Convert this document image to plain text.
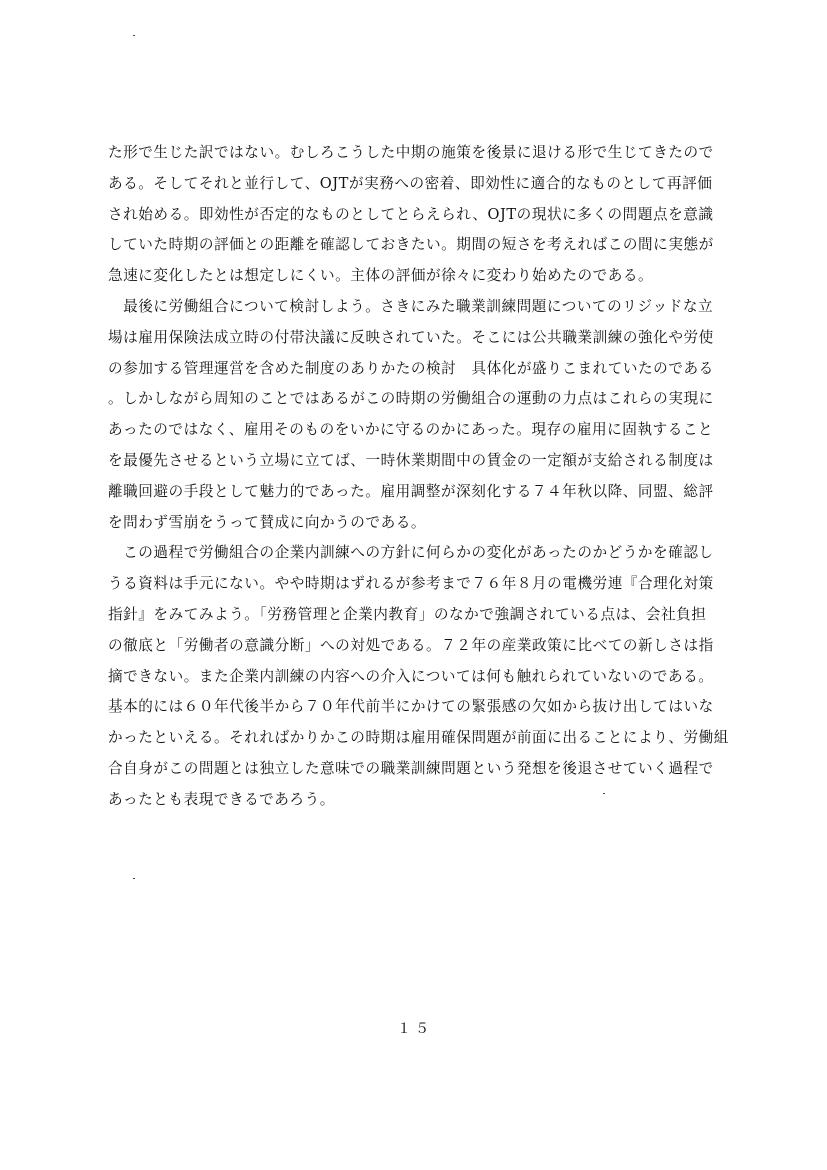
た形で生じた訳ではない。むしろこうした中期の施策を後景に退ける形で生じてきたので
ある。そしてそれと並行して、OJTが実務への密着、即効性に適合的なものとして再評価
され始める。即効性が否定的なものとしてとらえられ、OJTの現状に多くの問題点を意識
していた時期の評価との距離を確認しておきたい。期間の短さを考えればこの間に実態が
急速に変化したとは想定しにくい。主体の評価が徐々に変わり始めたのである。
　最後に労働組合について検討しよう。さきにみた職業訓練問題についてのリジッドな立
場は雇用保険法成立時の付帯決議に反映されていた。そこには公共職業訓練の強化や労使
の参加する管理運営を含めた制度のありかたの検討　具体化が盛りこまれていたのである
。しかしながら周知のことではあるがこの時期の労働組合の運動の力点はこれらの実現に
あったのではなく、雇用そのものをいかに守るのかにあった。現存の雇用に固執すること
を最優先させるという立場に立てば、一時休業期間中の賃金の一定額が支給される制度は
離職回避の手段として魅力的であった。雇用調整が深刻化する７４年秋以降、同盟、総評
を問わず雪崩をうって賛成に向かうのである。
　この過程で労働組合の企業内訓練への方針に何らかの変化があったのかどうかを確認し
うる資料は手元にない。やや時期はずれるが参考まで７６年８月の電機労連『合理化対策
指針』をみてみよう。「労務管理と企業内教育」のなかで強調されている点は、会社負担
の徹底と「労働者の意識分断」への対処である。７２年の産業政策に比べての新しさは指
摘できない。また企業内訓練の内容への介入については何も触れられていないのである。
基本的には６０年代後半から７０年代前半にかけての緊張感の欠如から抜け出してはいな
かったといえる。それればかりかこの時期は雇用確保問題が前面に出ることにより、労働組
合自身がこの問題とは独立した意味での職業訓練問題という発想を後退させていく過程で
あったとも表現できるであろう。
１５
